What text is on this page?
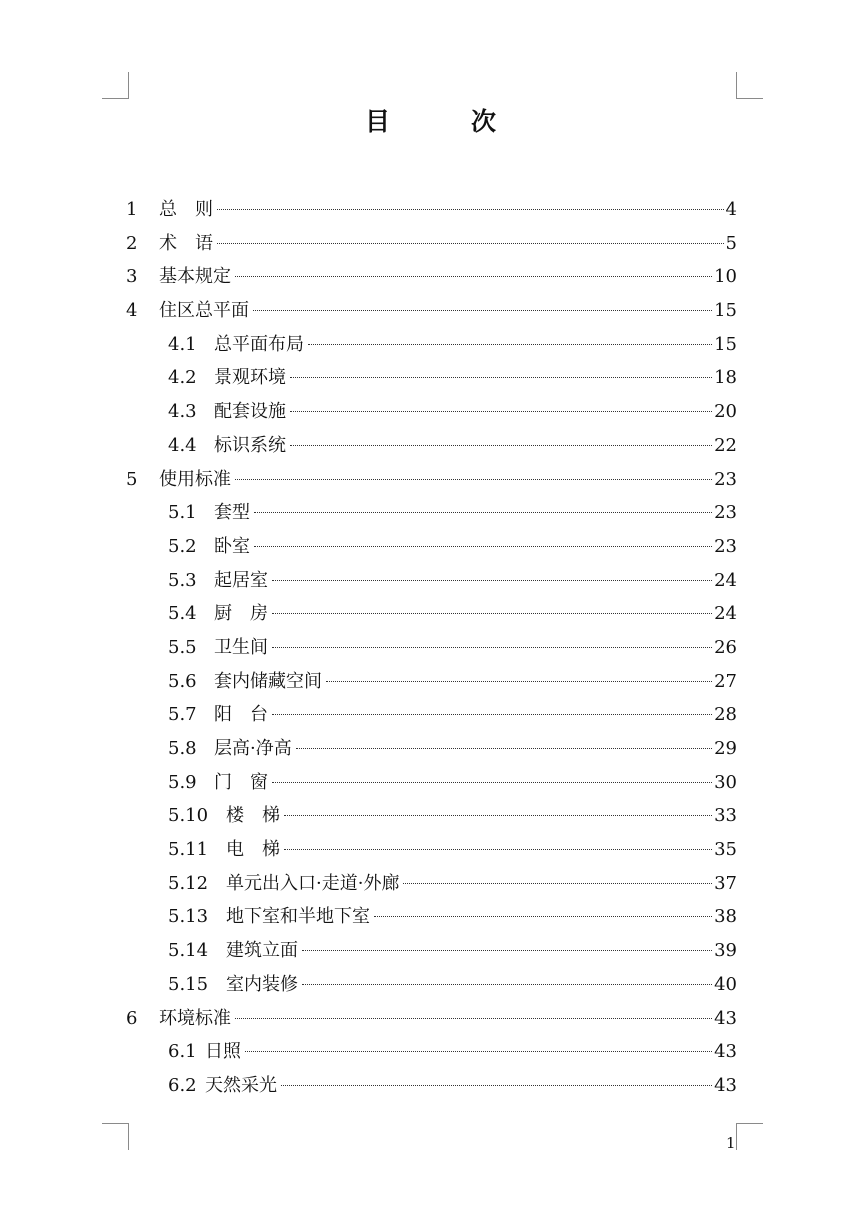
目　次
1	总　则	4
2	术　语	5
3	基本规定	10
4	住区总平面	15
4.1 总平面布局	15
4.2 景观环境	18
4.3 配套设施	20
4.4 标识系统	22
5	使用标准	23
5.1 套型	23
5.2 卧室	23
5.3 起居室	24
5.4 厨　房	24
5.5 卫生间	26
5.6 套内储藏空间	27
5.7 阳　台	28
5.8 层高·净高	29
5.9 门　窗	30
5.10 楼　梯	33
5.11 电　梯	35
5.12 单元出入口·走道·外廊	37
5.13 地下室和半地下室	38
5.14 建筑立面	39
5.15 室内装修	40
6	环境标准	43
6.1 日照	43
6.2 天然采光	43
1
